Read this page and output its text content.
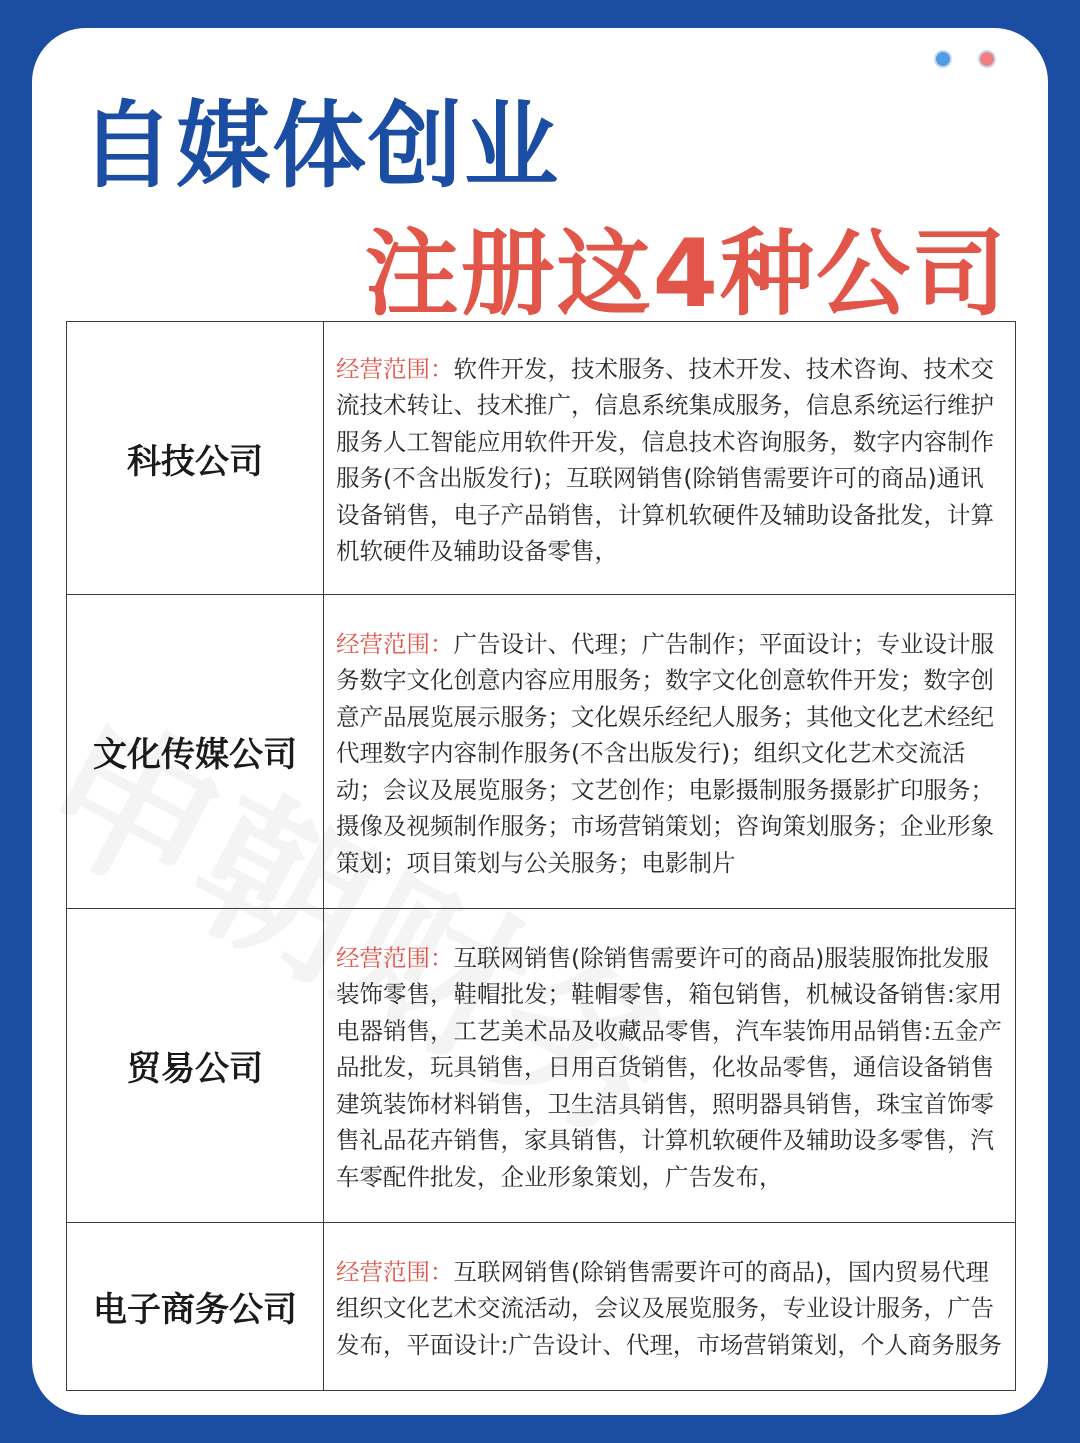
自媒体创业
注册这4种公司
科技公司	经营范围：软件开发，技术服务、技术开发、技术咨询、技术交流技术转让、技术推广，信息系统集成服务，信息系统运行维护服务人工智能应用软件开发，信息技术咨询服务，数字内容制作服务(不含出版发行)；互联网销售(除销售需要许可的商品)通讯设备销售，电子产品销售，计算机软硬件及辅助设备批发，计算机软硬件及辅助设备零售，
文化传媒公司	经营范围：广告设计、代理；广告制作；平面设计；专业设计服务数字文化创意内容应用服务；数字文化创意软件开发；数字创意产品展览展示服务；文化娱乐经纪人服务；其他文化艺术经纪代理数字内容制作服务(不含出版发行)；组织文化艺术交流活动；会议及展览服务；文艺创作；电影摄制服务摄影扩印服务；摄像及视频制作服务；市场营销策划；咨询策划服务；企业形象策划；项目策划与公关服务；电影制片
贸易公司	经营范围：互联网销售(除销售需要许可的商品)服装服饰批发服装饰零售，鞋帽批发；鞋帽零售，箱包销售，机械设备销售:家用电器销售，工艺美术品及收藏品零售，汽车装饰用品销售:五金产品批发，玩具销售，日用百货销售，化妆品零售，通信设备销售建筑装饰材料销售，卫生洁具销售，照明器具销售，珠宝首饰零售礼品花卉销售，家具销售，计算机软硬件及辅助设多零售，汽车零配件批发，企业形象策划，广告发布，
电子商务公司	经营范围：互联网销售(除销售需要许可的商品)，国内贸易代理组织文化艺术交流活动，会议及展览服务，专业设计服务，广告发布，平面设计:广告设计、代理，市场营销策划，个人商务服务
